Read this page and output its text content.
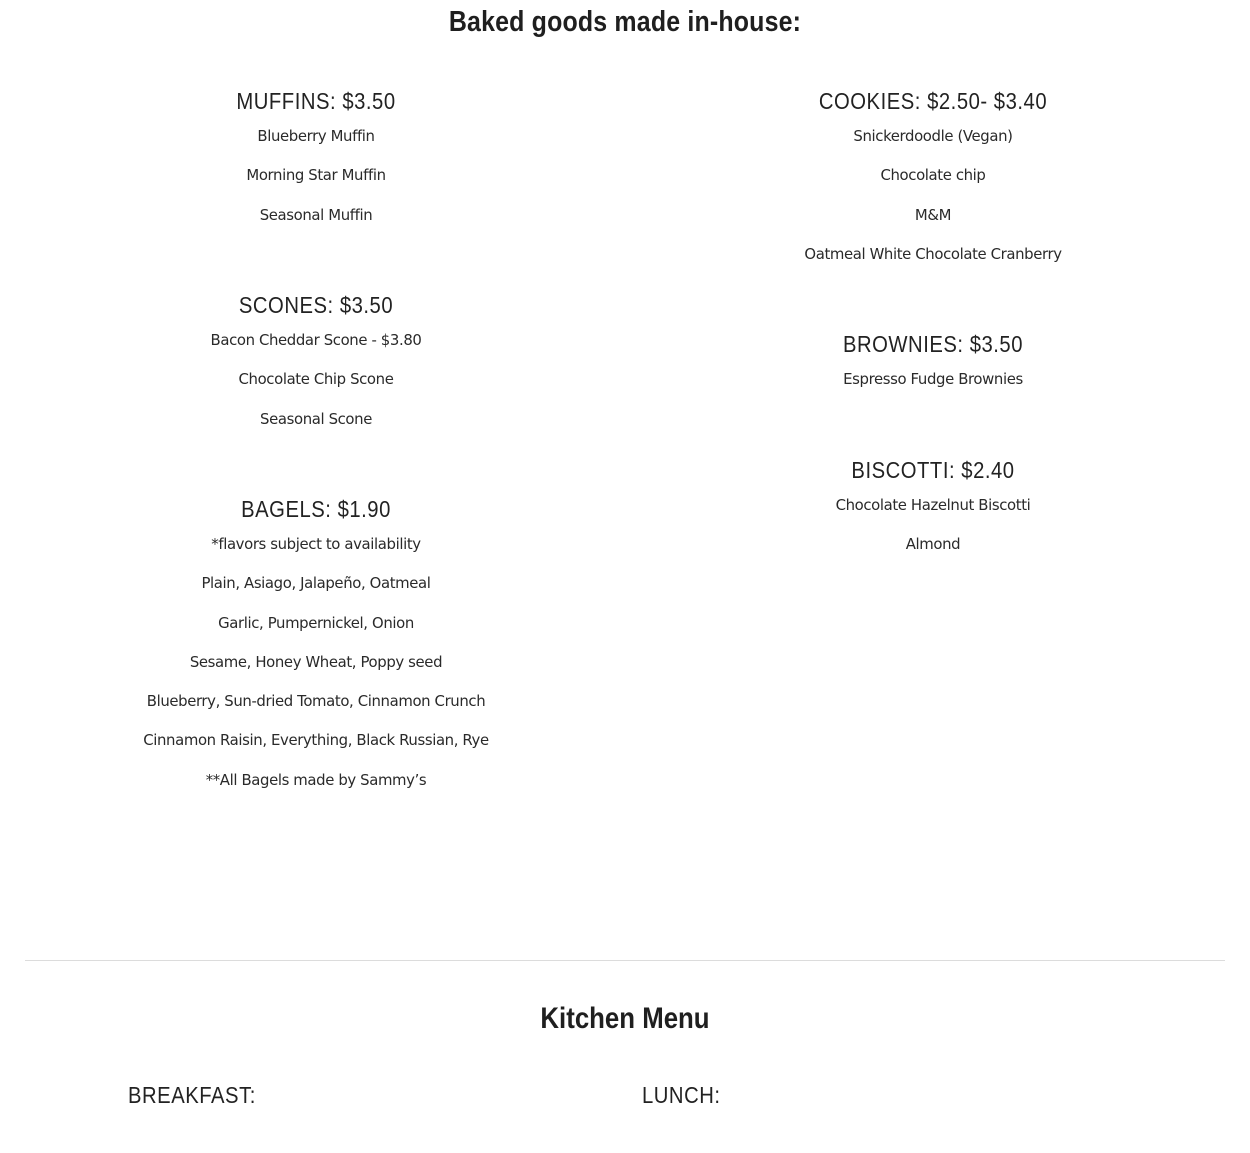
Baked goods made in-house:
MUFFINS: $3.50
Blueberry Muffin
Morning Star Muffin
Seasonal Muffin
SCONES: $3.50
Bacon Cheddar Scone - $3.80
Chocolate Chip Scone
Seasonal Scone
BAGELS: $1.90
*flavors subject to availability
Plain, Asiago, Jalapeño, Oatmeal
Garlic, Pumpernickel, Onion
Sesame, Honey Wheat, Poppy seed
Blueberry, Sun-dried Tomato, Cinnamon Crunch
Cinnamon Raisin, Everything, Black Russian, Rye
**All Bagels made by Sammy’s
COOKIES: $2.50- $3.40
Snickerdoodle (Vegan)
Chocolate chip
M&M
Oatmeal White Chocolate Cranberry
BROWNIES: $3.50
Espresso Fudge Brownies
BISCOTTI: $2.40
Chocolate Hazelnut Biscotti
Almond
Kitchen Menu
BREAKFAST:	LUNCH:
